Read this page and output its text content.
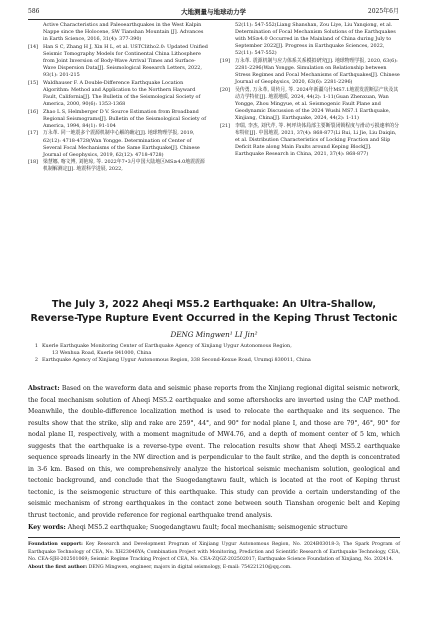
586	大地测量与地球动力学	2025年6月
Active Characteristics and Paleoearthquakes in the West Kalpin Nappe since the Holocene, SW Tianshan Mountain [J]. Advances in Earth Science, 2016, 31(4): 377-390)
[14]	Han S C, Zhang H J, Xin H L, et al. USTClitho2.0: Updated Unified Seismic Tomography Models for Continental China Lithosphere from Joint Inversion of Body-Wave Arrival Times and Surface-Wave Dispersion Data[J]. Seismological Research Letters, 2022, 93(1): 201-215
[15]	Waldhauser F. A Double-Difference Earthquake Location Algorithm: Method and Application to the Northern Hayward Fault, California[J]. The Bulletin of the Seismological Society of America, 2000, 90(6): 1353-1368
[16]	Zhao L S, Helmberger D V. Source Estimation from Broadband Regional Seismograms[J]. Bulletin of the Seismological Society of America, 1994, 84(1): 91-104
[17]	万永革. 同一地震多个震源机制中心解的确定[J]. 地球物理学报, 2019, 62(12): 4718-4728(Wan Yongge. Determination of Center of Several Focal Mechanisms of the Same Earthquake[J]. Chinese Journal of Geophysics, 2019, 62(12): 4718-4728)
[18]	梁慧娜, 喀文博, 刘艳琼, 等. 2022年7•3月中国大陆地区MS≥4.0地震震源机制解测定[J]. 地震科学进展, 2022,
52(11): 547-552(Liang Shanshan, Zou Liye, Liu Yanqiong, et al. Determination of Focal Mechanism Solutions of the Earthquakes with MS≥4.0 Occurred in the Mainland of China during July to September 2022[J]. Progress in Earthquake Sciences, 2022, 52(11): 547-552)
[19]	万永革. 震源机制与应力体系关系模拟研究[J]. 地球物理学报, 2020, 63(6): 2281-2296(Wan Yongge. Simulation on Relationship between Stress Regimes and Focal Mechanisms of Earthquakes[J]. Chinese Journal of Geophysics, 2020, 63(6): 2281-2296)
[20]	吴传勇, 万永革, 周传月, 等. 2024年新疆乌什MS7.1地震发震断层产状及其动力学特征[J]. 地震地质, 2024, 44(2): 1-11(Guan Zhenxuan, Wan Yongge, Zhou Mingyue, et al. Seismogenic Fault Plane and Geodynamic Discussion of the 2024 Wushi MS7.1 Earthquake, Xinjiang, China[J]. Earthquake, 2024, 44(2): 1-11)
[21]	李瑞, 李杰, 刘代芹, 等. 柯坪块体局部主要断裂闭锁程度与滑动亏损速率的分布特征[J]. 中国地震, 2021, 37(4): 868-877(Li Rui, Li Jie, Liu Daiqin, et al. Distribution Characteristics of Locking Fraction and Slip Deficit Rate along Main Faults around Keping Block[J]. Earthquake Research in China, 2021, 37(4): 868-877)
The July 3, 2022 Aheqi MS5.2 Earthquake: An Ultra-Shallow, Reverse-Type Rupture Event Occurred in the Keping Thrust Tectonic
DENG Mingwen¹ LI Jin²
1 Kuerle Earthquake Monitoring Center of Earthquake Agency of Xinjiang Uygur Autonomous Region,
13 Wenhua Road, Kuerle 841000, China
2 Earthquake Agency of Xinjiang Uygur Autonomous Region, 338 Second-Kexue Road, Urumqi 830011, China
Abstract: Based on the waveform data and seismic phase reports from the Xinjiang regional digital seismic network, the focal mechanism solution of Aheqi MS5.2 earthquake and some aftershocks are inverted using the CAP method. Meanwhile, the double-difference localization method is used to relocate the earthquake and its sequence. The results show that the strike, slip and rake are 259°, 44°, and 90° for nodal plane I, and those are 79°, 46°, 90° for nodal plane II, respectively, with a moment magnitude of MW4.76, and a depth of moment center of 5 km, which suggests that the earthquake is a reverse-type event. The relocation results show that Aheqi MS5.2 earthquake sequence spreads linearly in the NW direction and is perpendicular to the fault strike, and the depth is concentrated in 3-6 km. Based on this, we comprehensively analyze the historical seismic mechanism solution, geological and tectonic background, and conclude that the Suogedangtawu fault, which is located at the root of Keping thrust tectonic, is the seismogenic structure of this earthquake. This study can provide a certain understanding of the seismic mechanism of strong earthquakes in the contact zone between south Tianshan orogenic belt and Keping thrust tectonic, and provide reference for regional earthquake trend analysis.
Key words: Aheqi MS5.2 earthquake; Suogedangtawu fault; focal mechanism; seismogenic structure

Foundation support: Key Research and Development Program of Xinjiang Uygur Autonomous Region, No. 2024B03018-3; The Spark Program of Earthquake Technology of CEA, No. XH23046YA; Combination Project with Monitoring, Prediction and Scientific Research of Earthquake Technology, CEA, No. CEA-SJH-202501069; Seismic Regime Tracking Project of CEA, No. CEA-ZQGZ-202502017; Earthquake Science Foundation of Xinjiang, No. 202414.

About the first author: DENG Mingwen, engineer, majors in digital seismology, E-mail: 754221210@qq.com.
